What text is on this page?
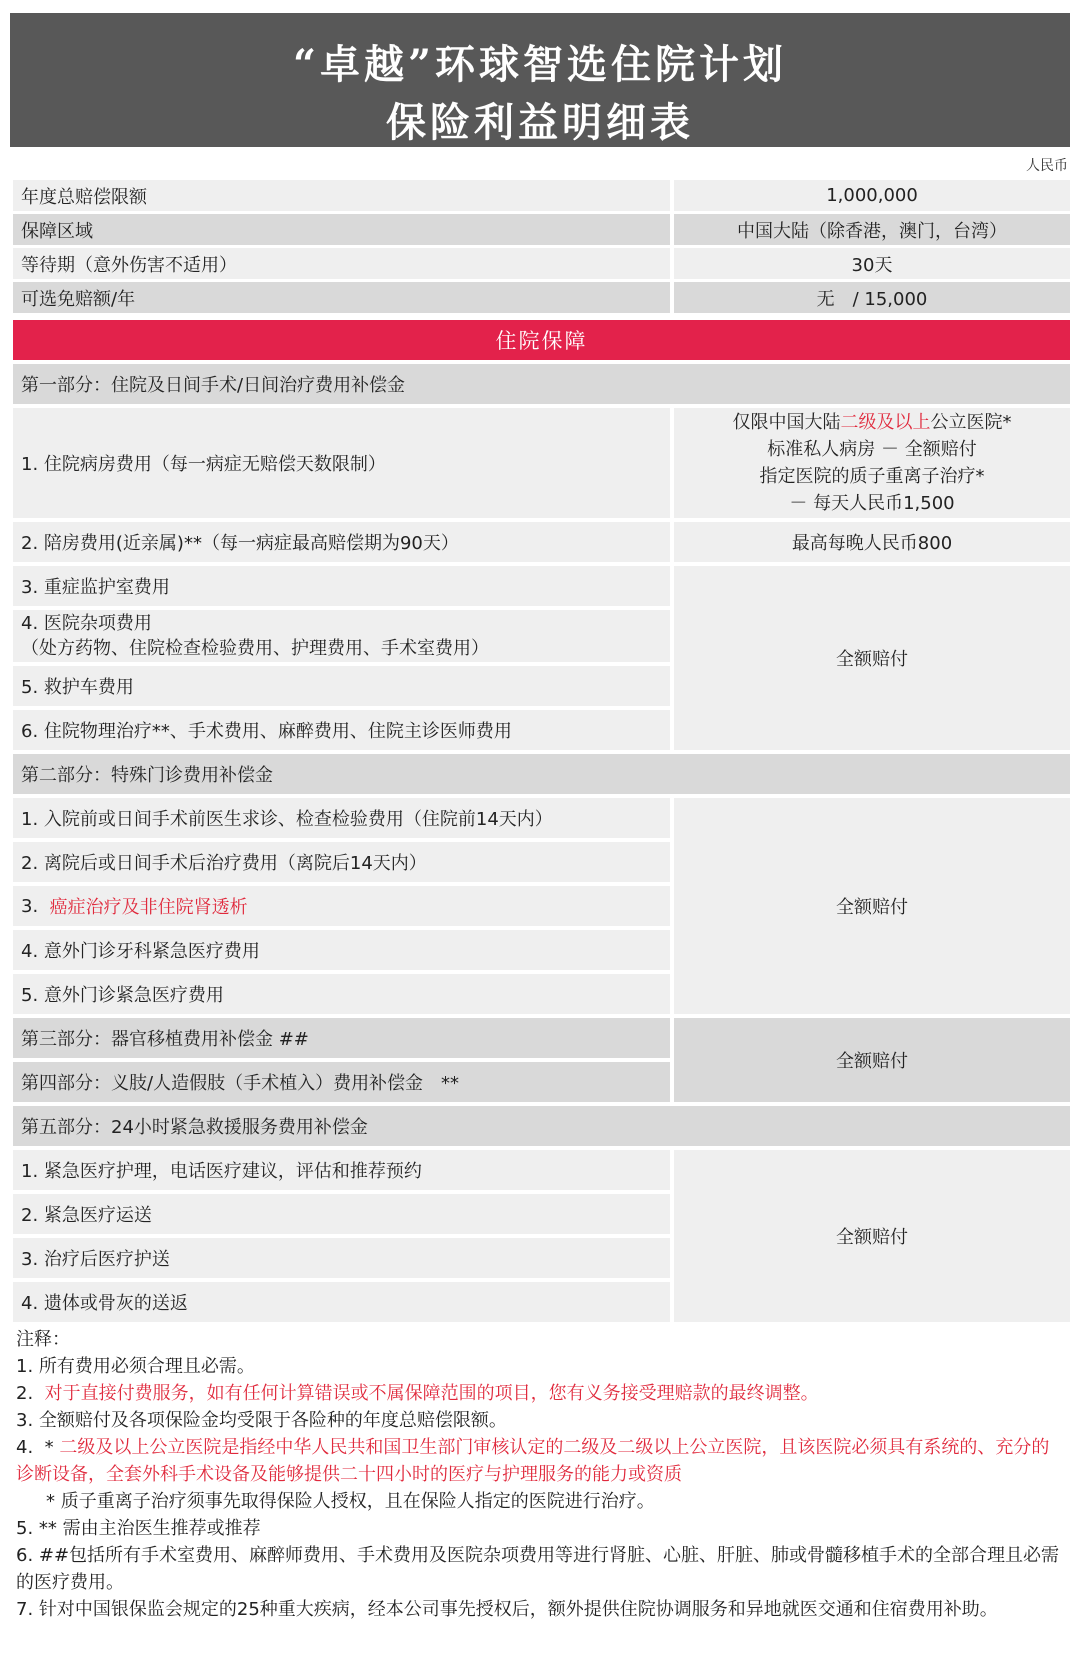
“卓越”环球智选住院计划
保险利益明细表
人民币
年度总赔偿限额	1,000,000
保障区域	中国大陆（除香港，澳门，台湾）
等待期（意外伤害不适用）	30天
可选免赔额/年	无　/ 15,000
住院保障
第一部分：住院及日间手术/日间治疗费用补偿金
1. 住院病房费用（每一病症无赔偿天数限制）
仅限中国大陆二级及以上公立医院*
标准私人病房 － 全额赔付
指定医院的质子重离子治疗*
－ 每天人民币1,500
2. 陪房费用(近亲属)**（每一病症最高赔偿期为90天）	最高每晚人民币800
3. 重症监护室费用
4. 医院杂项费用
（处方药物、住院检查检验费用、护理费用、手术室费用）
5. 救护车费用
6. 住院物理治疗**、手术费用、麻醉费用、住院主诊医师费用
全额赔付
第二部分：特殊门诊费用补偿金
1. 入院前或日间手术前医生求诊、检查检验费用（住院前14天内）
2. 离院后或日间手术后治疗费用（离院后14天内）
3. 癌症治疗及非住院肾透析
4. 意外门诊牙科紧急医疗费用
5. 意外门诊紧急医疗费用
全额赔付
第三部分：器官移植费用补偿金 ##
第四部分：义肢/人造假肢（手术植入）费用补偿金　**
全额赔付
第五部分：24小时紧急救援服务费用补偿金
1. 紧急医疗护理，电话医疗建议，评估和推荐预约
2. 紧急医疗运送
3. 治疗后医疗护送
4. 遗体或骨灰的送返
全额赔付

注释：

1. 所有费用必须合理且必需。

2.  对于直接付费服务，如有任何计算错误或不属保障范围的项目，您有义务接受理赔款的最终调整。

3. 全额赔付及各项保险金均受限于各险种的年度总赔偿限额。

4.  * 二级及以上公立医院是指经中华人民共和国卫生部门审核认定的二级及二级以上公立医院，且该医院必须具有系统的、充分的诊断设备，全套外科手术设备及能够提供二十四小时的医疗与护理服务的能力或资质

* 质子重离子治疗须事先取得保险人授权，且在保险人指定的医院进行治疗。

5. ** 需由主治医生推荐或推荐

6. ##包括所有手术室费用、麻醉师费用、手术费用及医院杂项费用等进行肾脏、心脏、肝脏、肺或骨髓移植手术的全部合理且必需的医疗费用。

7. 针对中国银保监会规定的25种重大疾病，经本公司事先授权后，额外提供住院协调服务和异地就医交通和住宿费用补助。
